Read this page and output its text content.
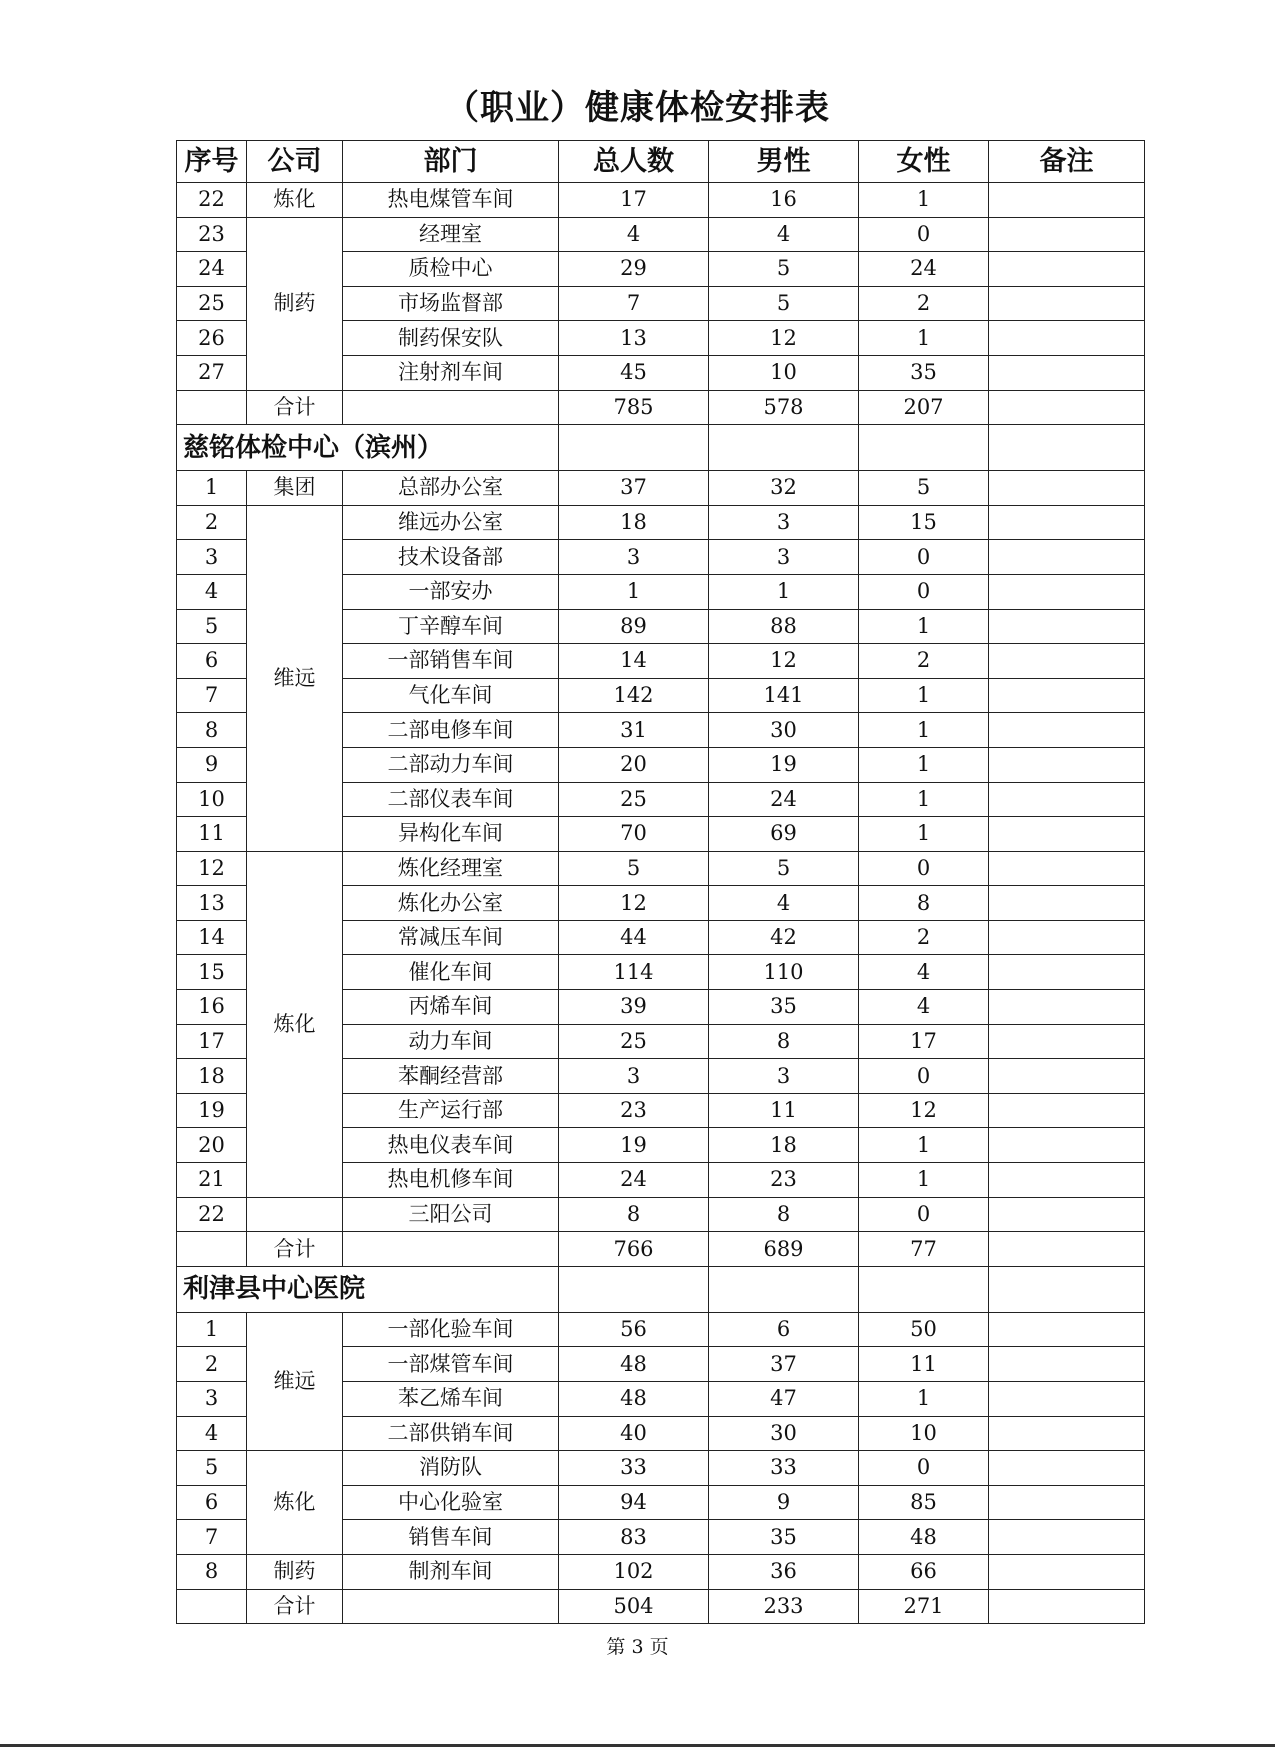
（职业）健康体检安排表
序号	公司	部门	总人数	男性	女性	备注
22	炼化	热电煤管车间	17	16	1	
23	制药	经理室	4	4	0	
24		质检中心	29	5	24	
25		市场监督部	7	5	2	
26		制药保安队	13	12	1	
27		注射剂车间	45	10	35	
	合计		785	578	207	
慈铭体检中心（滨州）						
1	集团	总部办公室	37	32	5	
2	维远	维远办公室	18	3	15	
3		技术设备部	3	3	0	
4		一部安办	1	1	0	
5		丁辛醇车间	89	88	1	
6		一部销售车间	14	12	2	
7		气化车间	142	141	1	
8		二部电修车间	31	30	1	
9		二部动力车间	20	19	1	
10		二部仪表车间	25	24	1	
11		异构化车间	70	69	1	
12	炼化	炼化经理室	5	5	0	
13		炼化办公室	12	4	8	
14		常减压车间	44	42	2	
15		催化车间	114	110	4	
16		丙烯车间	39	35	4	
17		动力车间	25	8	17	
18		苯酮经营部	3	3	0	
19		生产运行部	23	11	12	
20		热电仪表车间	19	18	1	
21		热电机修车间	24	23	1	
22		三阳公司	8	8	0	
	合计		766	689	77	
利津县中心医院						
1	维远	一部化验车间	56	6	50	
2		一部煤管车间	48	37	11	
3		苯乙烯车间	48	47	1	
4		二部供销车间	40	30	10	
5	炼化	消防队	33	33	0	
6		中心化验室	94	9	85	
7		销售车间	83	35	48	
8	制药	制剂车间	102	36	66	
	合计		504	233	271	
第 3 页
